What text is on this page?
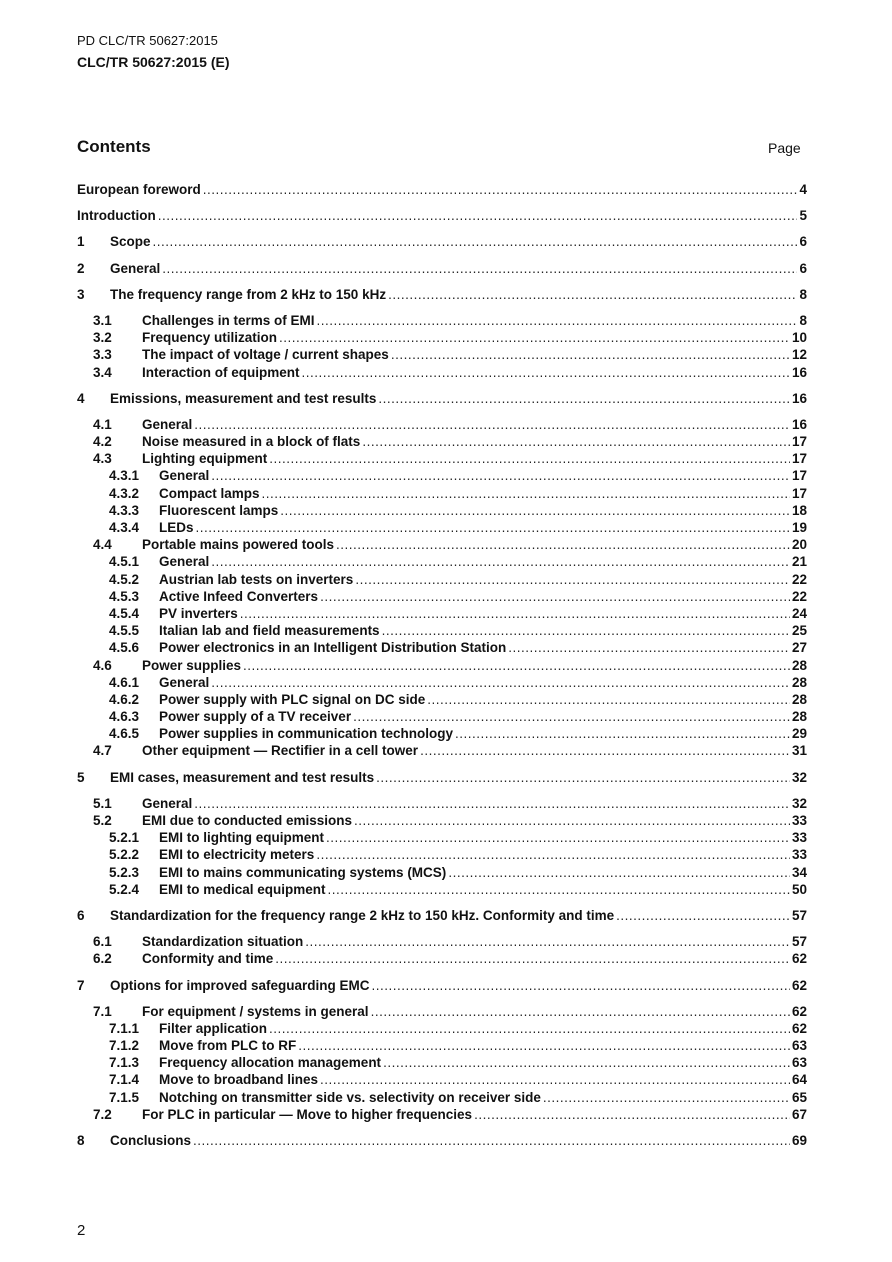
PD CLC/TR 50627:2015
CLC/TR 50627:2015 (E)
Contents	Page
European foreword .....	4
Introduction .....	5
1	Scope .....	6
2	General .....	6
3	The frequency range from 2 kHz to 150 kHz .....	8
3.1	Challenges in terms of EMI .....	8
3.2	Frequency utilization .....	10
3.3	The impact of voltage / current shapes .....	12
3.4	Interaction of equipment .....	16
4	Emissions, measurement and test results .....	16
4.1	General .....	16
4.2	Noise measured in a block of flats .....	17
4.3	Lighting equipment .....	17
4.3.1	General .....	17
4.3.2	Compact lamps .....	17
4.3.3	Fluorescent lamps .....	18
4.3.4	LEDs .....	19
4.4	Portable mains powered tools .....	20
4.5.1	General .....	21
4.5.2	Austrian lab tests on inverters .....	22
4.5.3	Active Infeed Converters .....	22
4.5.4	PV inverters .....	24
4.5.5	Italian lab and field measurements .....	25
4.5.6	Power electronics in an Intelligent Distribution Station .....	27
4.6	Power supplies .....	28
4.6.1	General .....	28
4.6.2	Power supply with PLC signal on DC side .....	28
4.6.3	Power supply of a TV receiver .....	28
4.6.5	Power supplies in communication technology .....	29
4.7	Other equipment — Rectifier in a cell tower .....	31
5	EMI cases, measurement and test results .....	32
5.1	General .....	32
5.2	EMI due to conducted emissions .....	33
5.2.1	EMI to lighting equipment .....	33
5.2.2	EMI to electricity meters .....	33
5.2.3	EMI to mains communicating systems (MCS) .....	34
5.2.4	EMI to medical equipment .....	50
6	Standardization for the frequency range 2 kHz to 150 kHz. Conformity and time .....	57
6.1	Standardization situation .....	57
6.2	Conformity and time .....	62
7	Options for improved safeguarding EMC .....	62
7.1	For equipment / systems in general .....	62
7.1.1	Filter application .....	62
7.1.2	Move from PLC to RF .....	63
7.1.3	Frequency allocation management .....	63
7.1.4	Move to broadband lines .....	64
7.1.5	Notching on transmitter side vs. selectivity on receiver side .....	65
7.2	For PLC in particular — Move to higher frequencies .....	67
8	Conclusions .....	69
2
